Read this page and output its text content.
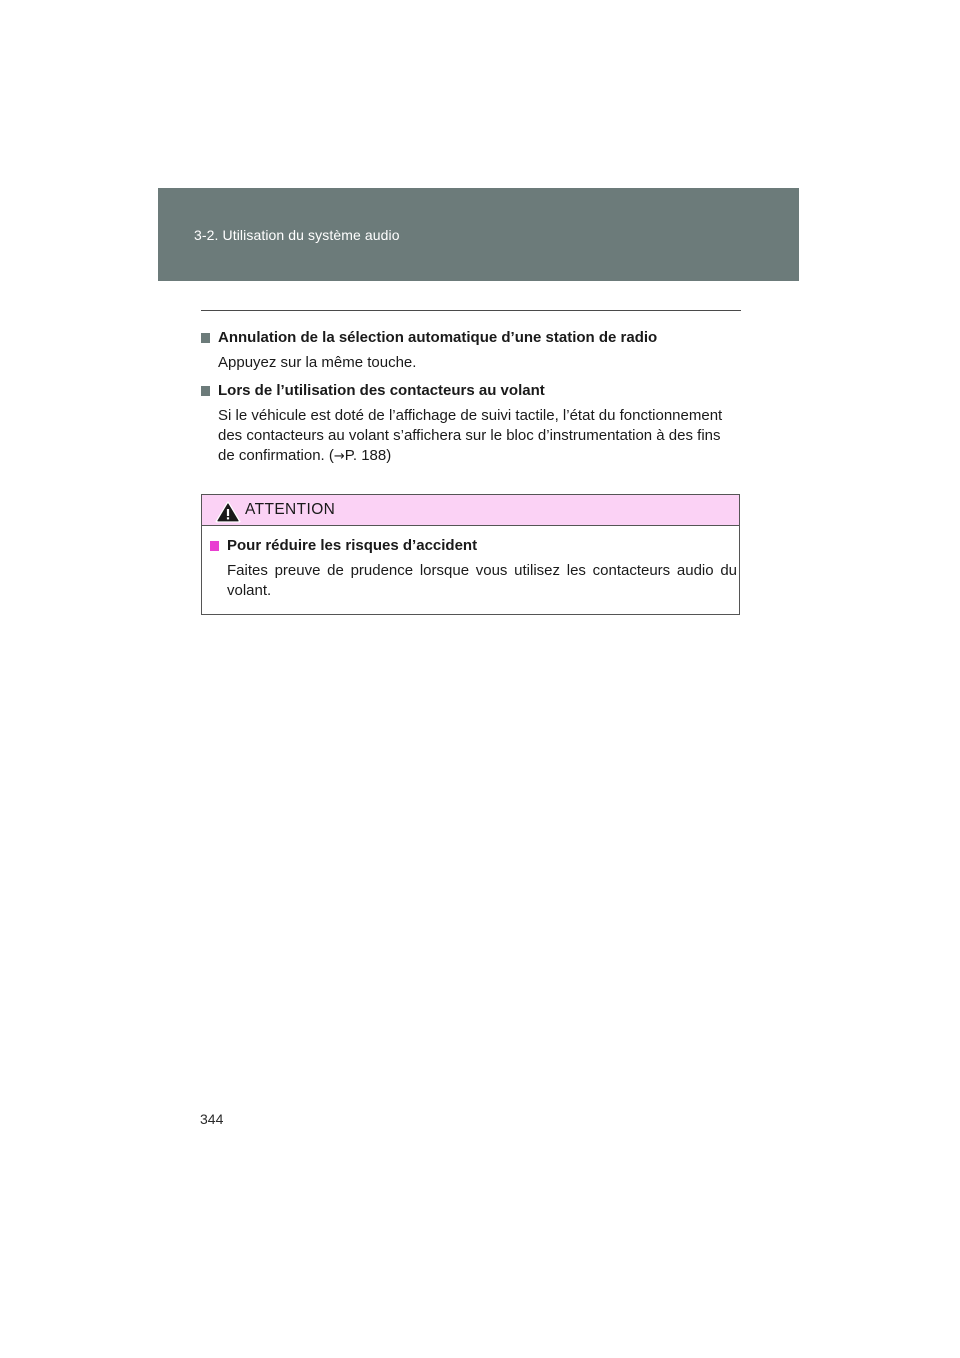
3-2. Utilisation du système audio
Annulation de la sélection automatique d’une station de radio
Appuyez sur la même touche.
Lors de l’utilisation des contacteurs au volant
Si le véhicule est doté de l’affichage de suivi tactile, l’état du fonctionnement des contacteurs au volant s’affichera sur le bloc d’instrumentation à des fins de confirmation. (→P. 188)
ATTENTION
Pour réduire les risques d’accident
Faites preuve de prudence lorsque vous utilisez les contacteurs audio du volant.
344
